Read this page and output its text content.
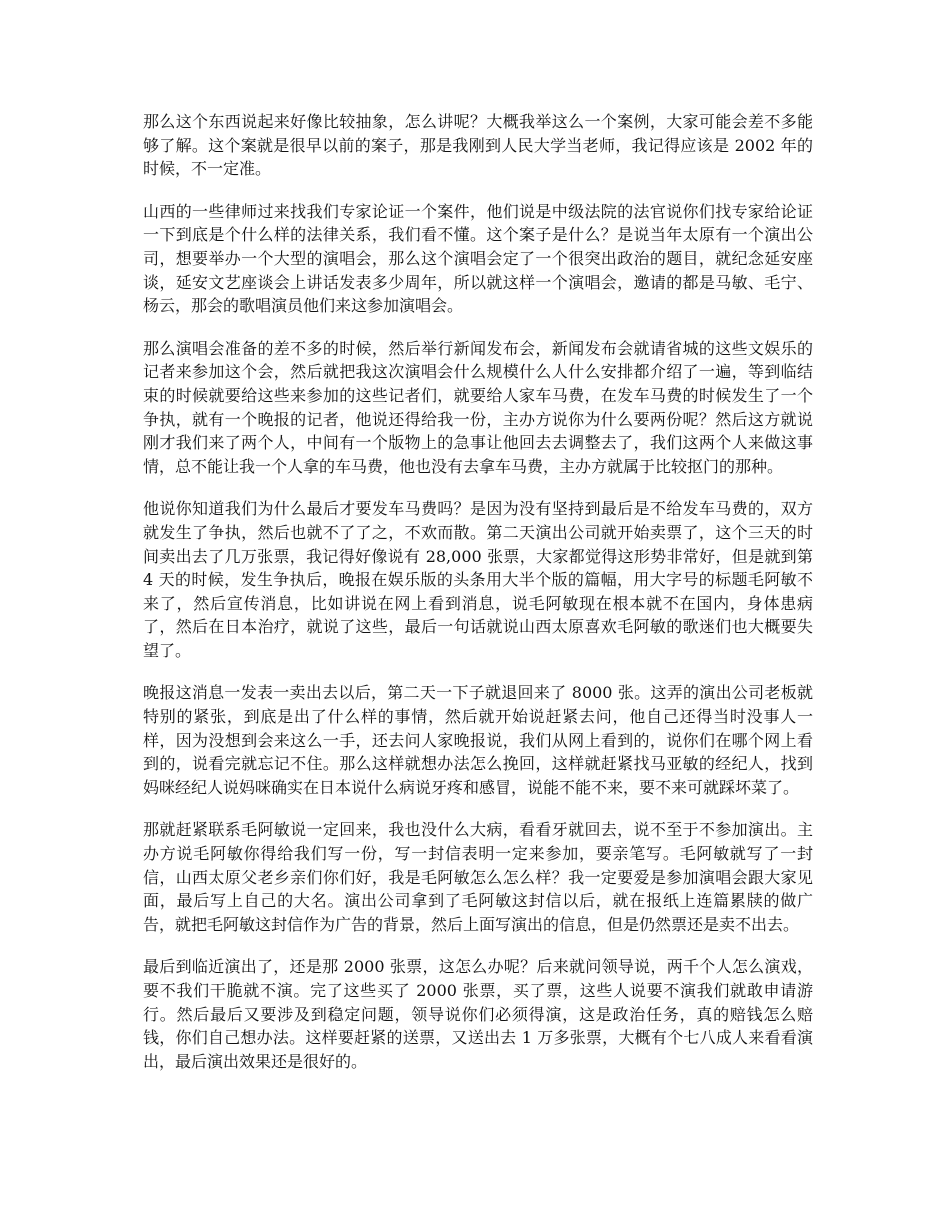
那么这个东西说起来好像比较抽象，怎么讲呢？大概我举这么一个案例，大家可能会差不多能够了解。这个案就是很早以前的案子，那是我刚到人民大学当老师，我记得应该是 2002 年的时候，不一定准。

山西的一些律师过来找我们专家论证一个案件，他们说是中级法院的法官说你们找专家给论证一下到底是个什么样的法律关系，我们看不懂。这个案子是什么？是说当年太原有一个演出公司，想要举办一个大型的演唱会，那么这个演唱会定了一个很突出政治的题目，就纪念延安座谈，延安文艺座谈会上讲话发表多少周年，所以就这样一个演唱会，邀请的都是马敏、毛宁、杨云，那会的歌唱演员他们来这参加演唱会。

那么演唱会准备的差不多的时候，然后举行新闻发布会，新闻发布会就请省城的这些文娱乐的记者来参加这个会，然后就把我这次演唱会什么规模什么人什么安排都介绍了一遍，等到临结束的时候就要给这些来参加的这些记者们，就要给人家车马费，在发车马费的时候发生了一个争执，就有一个晚报的记者，他说还得给我一份，主办方说你为什么要两份呢？然后这方就说刚才我们来了两个人，中间有一个版物上的急事让他回去去调整去了，我们这两个人来做这事情，总不能让我一个人拿的车马费，他也没有去拿车马费，主办方就属于比较抠门的那种。

他说你知道我们为什么最后才要发车马费吗？是因为没有坚持到最后是不给发车马费的，双方就发生了争执，然后也就不了了之，不欢而散。第二天演出公司就开始卖票了，这个三天的时间卖出去了几万张票，我记得好像说有 28,000 张票，大家都觉得这形势非常好，但是就到第 4 天的时候，发生争执后，晚报在娱乐版的头条用大半个版的篇幅，用大字号的标题毛阿敏不来了，然后宣传消息，比如讲说在网上看到消息，说毛阿敏现在根本就不在国内，身体患病了，然后在日本治疗，就说了这些，最后一句话就说山西太原喜欢毛阿敏的歌迷们也大概要失望了。

晚报这消息一发表一卖出去以后，第二天一下子就退回来了 8000 张。这弄的演出公司老板就特别的紧张，到底是出了什么样的事情，然后就开始说赶紧去问，他自己还得当时没事人一样，因为没想到会来这么一手，还去问人家晚报说，我们从网上看到的，说你们在哪个网上看到的，说看完就忘记不住。那么这样就想办法怎么挽回，这样就赶紧找马亚敏的经纪人，找到妈咪经纪人说妈咪确实在日本说什么病说牙疼和感冒，说能不能不来，要不来可就踩坏菜了。

那就赶紧联系毛阿敏说一定回来，我也没什么大病，看看牙就回去，说不至于不参加演出。主办方说毛阿敏你得给我们写一份，写一封信表明一定来参加，要亲笔写。毛阿敏就写了一封信，山西太原父老乡亲们你们好，我是毛阿敏怎么怎么样？我一定要爱是参加演唱会跟大家见面，最后写上自己的大名。演出公司拿到了毛阿敏这封信以后，就在报纸上连篇累牍的做广告，就把毛阿敏这封信作为广告的背景，然后上面写演出的信息，但是仍然票还是卖不出去。

最后到临近演出了，还是那 2000 张票，这怎么办呢？后来就问领导说，两千个人怎么演戏，要不我们干脆就不演。完了这些买了 2000 张票，买了票，这些人说要不演我们就敢申请游行。然后最后又要涉及到稳定问题，领导说你们必须得演，这是政治任务，真的赔钱怎么赔钱，你们自己想办法。这样要赶紧的送票，又送出去 1 万多张票，大概有个七八成人来看看演出，最后演出效果还是很好的。
